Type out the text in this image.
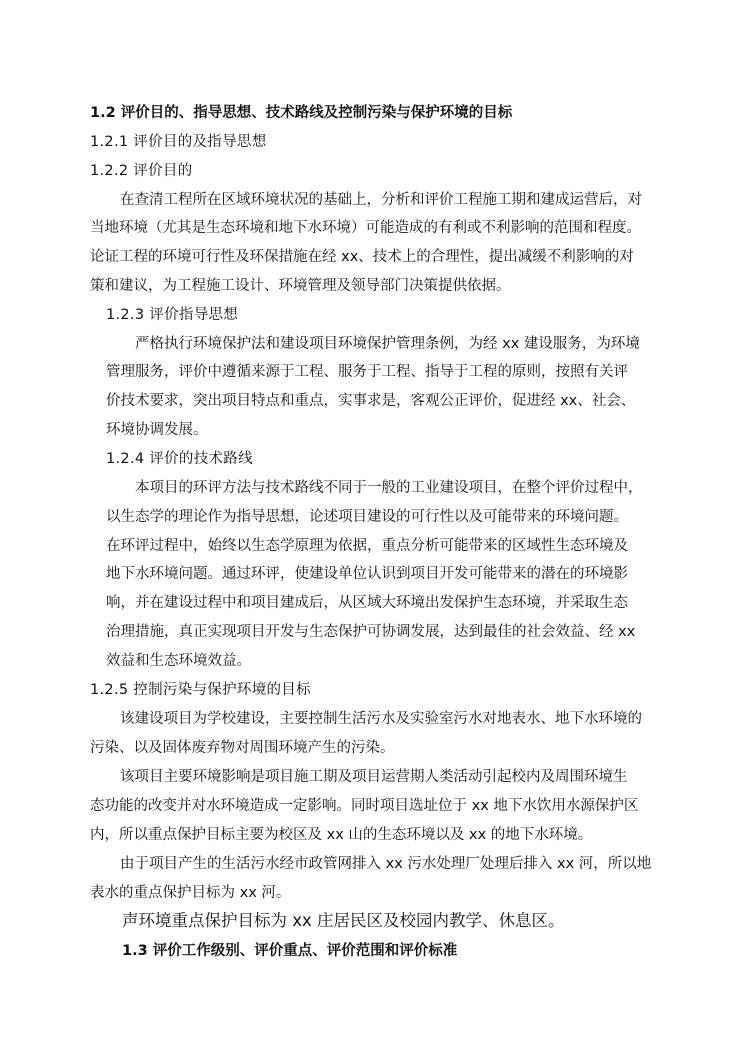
1.2 评价目的、指导思想、技术路线及控制污染与保护环境的目标
1.2.1 评价目的及指导思想
1.2.2 评价目的
在查清工程所在区域环境状况的基础上，分析和评价工程施工期和建成运营后，对
当地环境（尤其是生态环境和地下水环境）可能造成的有利或不利影响的范围和程度。
论证工程的环境可行性及环保措施在经 xx、技术上的合理性，提出减缓不利影响的对
策和建议，为工程施工设计、环境管理及领导部门决策提供依据。
1.2.3 评价指导思想
严格执行环境保护法和建设项目环境保护管理条例，为经 xx 建设服务，为环境
管理服务，评价中遵循来源于工程、服务于工程、指导于工程的原则，按照有关评
价技术要求，突出项目特点和重点，实事求是，客观公正评价，促进经 xx、社会、
环境协调发展。
1.2.4 评价的技术路线
本项目的环评方法与技术路线不同于一般的工业建设项目，在整个评价过程中，
以生态学的理论作为指导思想，论述项目建设的可行性以及可能带来的环境问题。
在环评过程中，始终以生态学原理为依据，重点分析可能带来的区域性生态环境及
地下水环境问题。通过环评，使建设单位认识到项目开发可能带来的潜在的环境影
响，并在建设过程中和项目建成后，从区域大环境出发保护生态环境，并采取生态
治理措施，真正实现项目开发与生态保护可协调发展，达到最佳的社会效益、经 xx
效益和生态环境效益。
1.2.5 控制污染与保护环境的目标
该建设项目为学校建设，主要控制生活污水及实验室污水对地表水、地下水环境的
污染、以及固体废弃物对周围环境产生的污染。
该项目主要环境影响是项目施工期及项目运营期人类活动引起校内及周围环境生
态功能的改变并对水环境造成一定影响。同时项目选址位于 xx 地下水饮用水源保护区
内，所以重点保护目标主要为校区及 xx 山的生态环境以及 xx 的地下水环境。
由于项目产生的生活污水经市政管网排入 xx 污水处理厂处理后排入 xx 河，所以地
表水的重点保护目标为 xx 河。
声环境重点保护目标为 xx 庄居民区及校园内教学、休息区。
1.3 评价工作级别、评价重点、评价范围和评价标准
